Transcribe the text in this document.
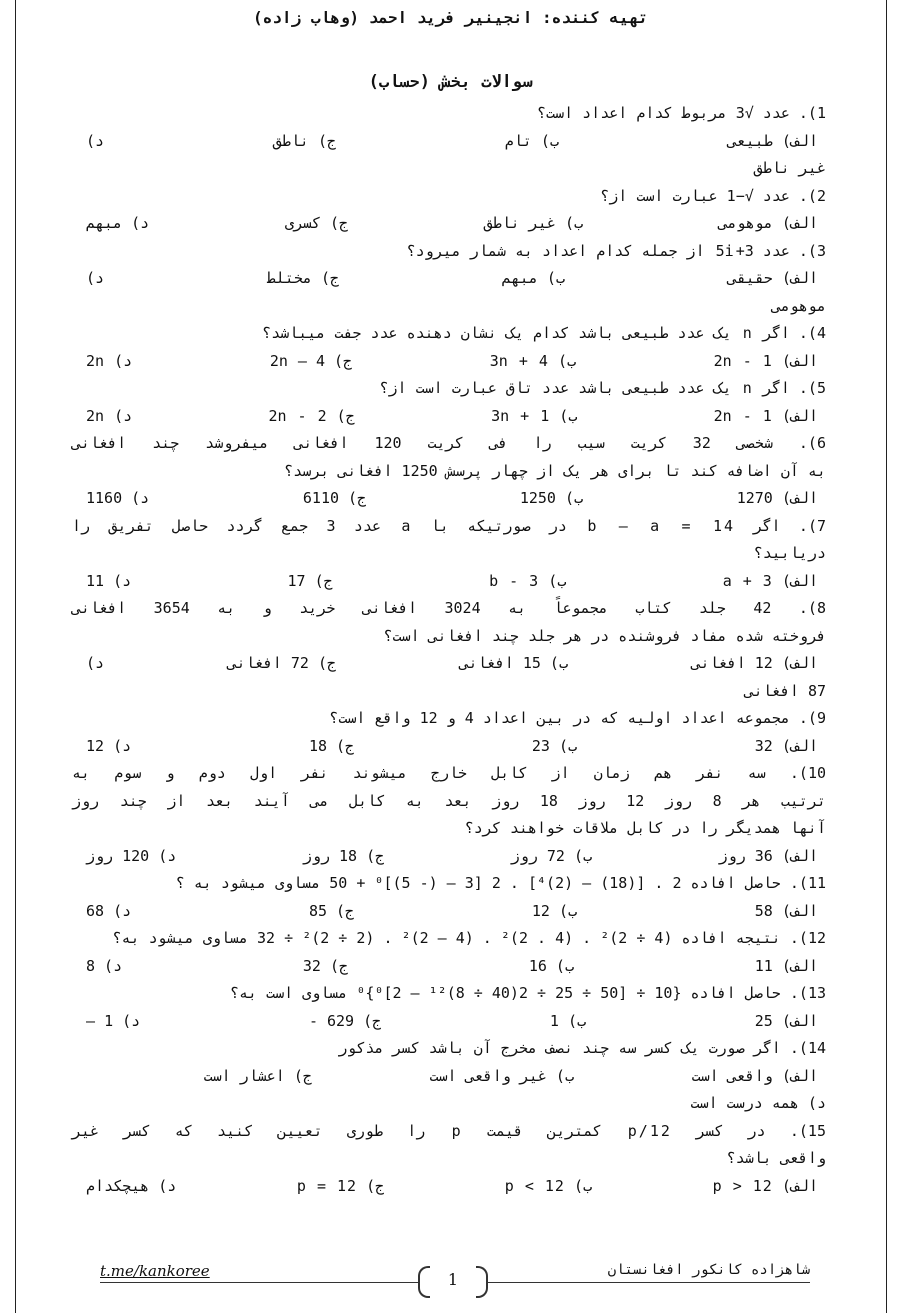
تهیه کننده: انجینیر فرید احمد (وهاب زاده)
سوالات بخش (حساب)
1). عدد √3 مربوط کدام اعداد است؟
الف) طبیعی
ب) تام
ج) ناطق
د)
غیر ناطق
2). عدد √−1 عبارت است از؟
الف) موهومی
ب) غیر ناطق
ج) کسری
د) مبهم
3). عدد 3+5i از جمله کدام اعداد به شمار میرود؟
الف) حقیقی
ب) مبهم
ج) مختلط
د)
موهومی
4). اگر n یک عدد طبیعی باشد کدام یک نشان دهنده عدد جفت میباشد؟
الف) 2n - 1
ب) 3n + 4
ج) 4 – 2n
د) 2n
5). اگر n یک عدد طبیعی باشد عدد تاق عبارت است از؟
الف) 2n - 1
ب) 3n + 1
ج) 2n - 2
د) 2n
6). شخصی 32 کریت سیب را فی کریت 120 افغانی میفروشد چند افغانی
به آن اضافه کند تا برای هر یک از چهار پرسش 1250 افغانی برسد؟
الف) 1270
ب) 1250
ج) 6110
د) 1160
7). اگر b – a = 14 در صورتیکه با a عدد 3 جمع گردد حاصل تفریق را
دریابید؟
الف) a + 3
ب) b - 3
ج) 17
د) 11
8). 42 جلد کتاب مجموعاً به 3024 افغانی خرید و به 3654 افغانی
فروخته شده مفاد فروشنده در هر جلد چند افغانی است؟
الف) 12 افغانی
ب) 15 افغانی
ج) 72 افغانی
د)
87 افغانی
9). مجموعه اعداد اولیه که در بین اعداد 4 و 12 واقع است؟
الف) 32
ب) 23
ج) 18
د) 12
10). سه نفر هم زمان از کابل خارج میشوند نفر اول دوم و سوم به
ترتیب هر 8 روز 12 روز 18 روز بعد به کابل می آیند بعد از چند روز
آنها همدیگر را در کابل ملاقات خواهند کرد؟
الف) 36 روز
ب) 72 روز
ج) 18 روز
د) 120 روز
11). حاصل افاده 2 . [(18) – (2)⁴] . 2 [3 – (- 5)]⁰ + 50 مساوی میشود به ؟
الف) 58
ب) 12
ج) 85
د) 68
12). نتیجه افاده (4 ÷ 2)² . (4 . 2)² . (4 – 2)² . (2 ÷ 2)² ÷ 32 مساوی میشود به؟
الف) 11
ب) 16
ج) 32
د) 8
13). حاصل افاده {10 ÷ [50 ÷ 25 ÷ 2(40 ÷ 8)¹² – 2]⁰}⁰ مساوی است به؟
الف) 25
ب) 1
ج) 629 -
د) 1 –
14). اگر صورت یک کسر سه چند نصف مخرج آن باشد کسر مذکور
الف) واقعی است
ب) غیر واقعی است
ج) اعشار است
د) همه درست است
15). در کسر p/12 کمترین قیمت p را طوری تعیین کنید که کسر غیر
واقعی باشد؟
الف) p > 12
ب) p < 12
ج) p = 12
د) هیچکدام
t.me/kankoree	شاهزاده کانکور افغانستان
1
